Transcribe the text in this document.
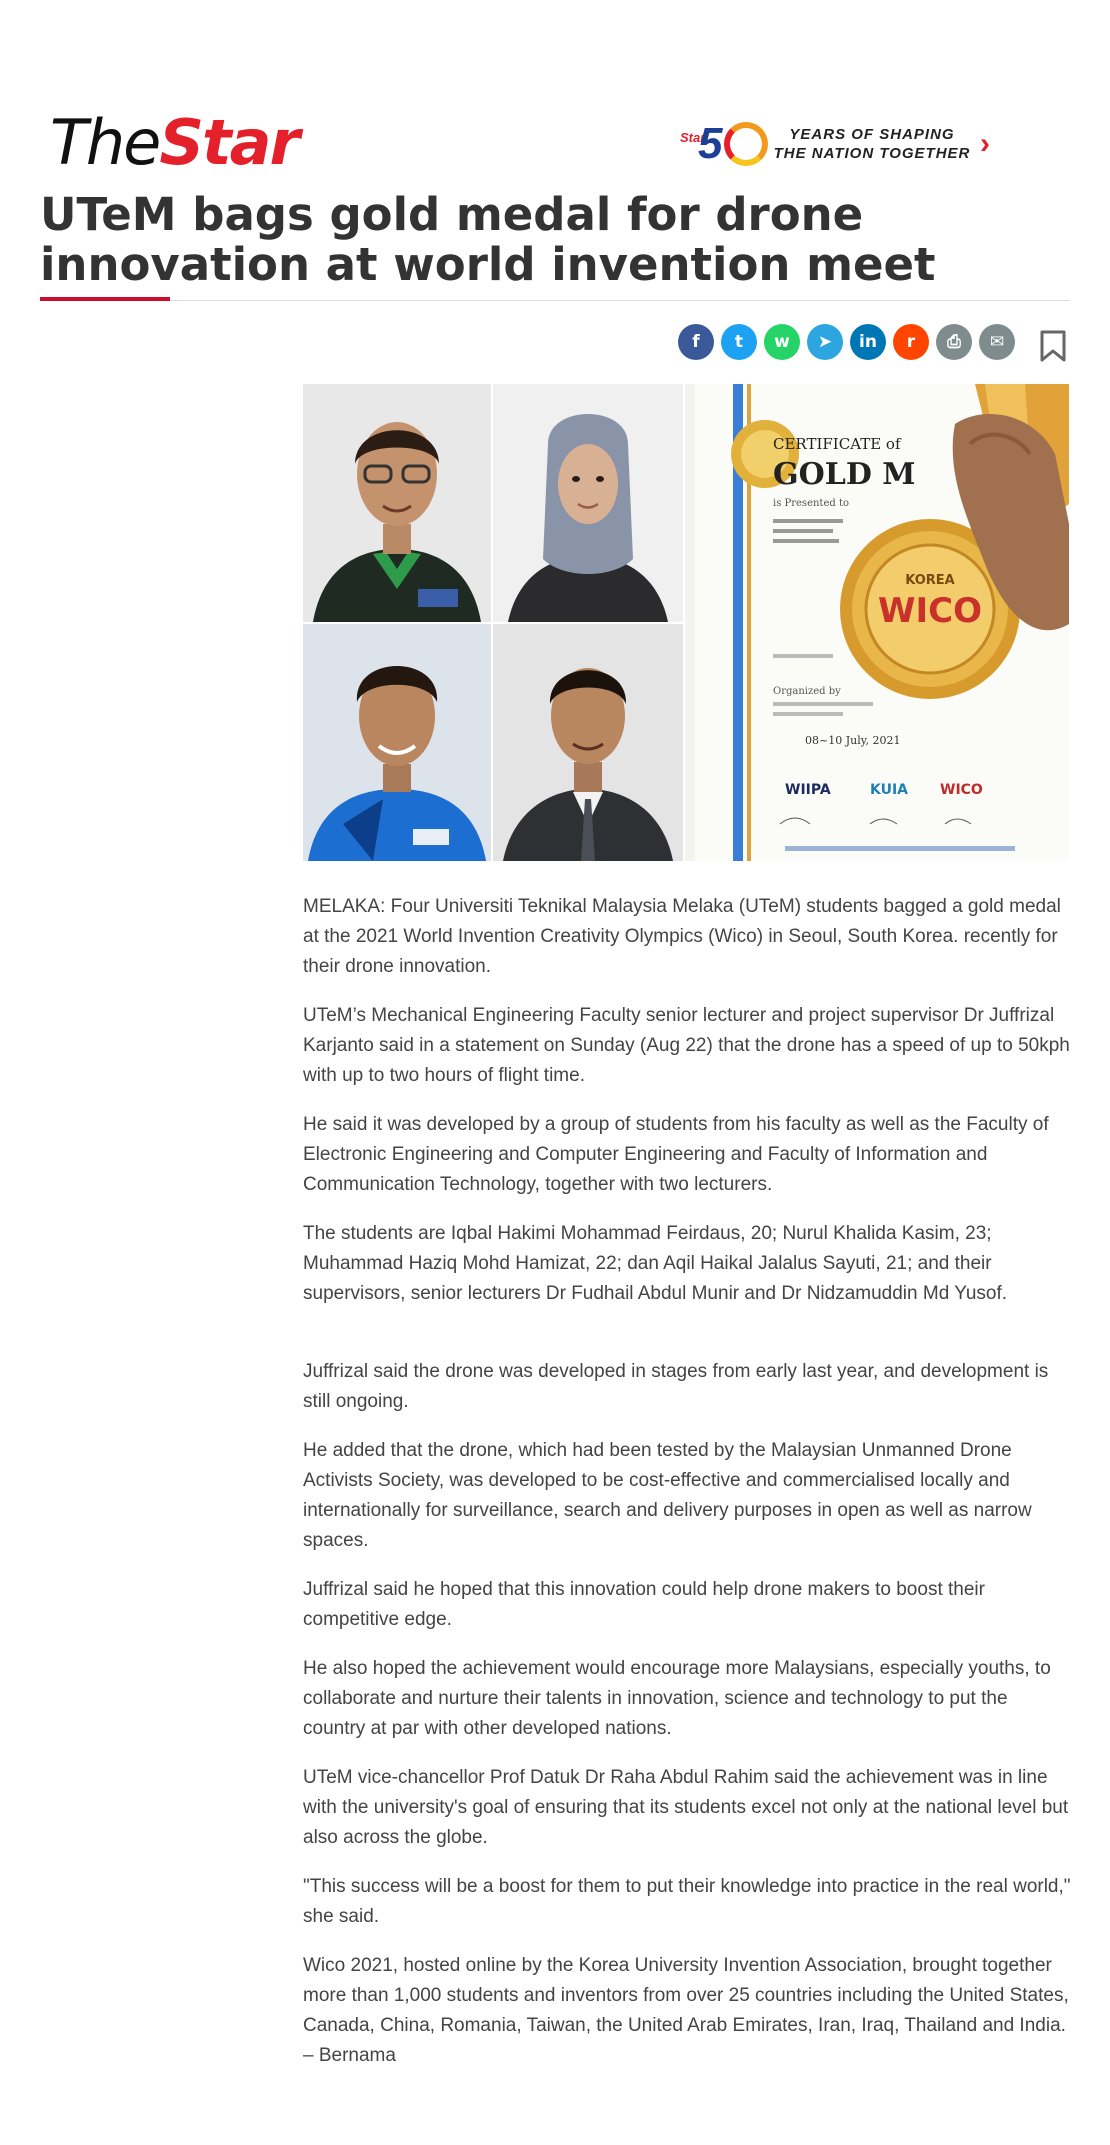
TheStar	Star
5	YEARS OF SHAPING THE NATION TOGETHER ›
UTeM bags gold medal for drone innovation at world invention meet
f	t	w	➤	in	r	⎙	✉
CERTIFICATE of
GOLD M
is Presented to
Organized by
08~10 July, 2021
WIIPA	KUIA WICO
KOREA
WICO

MELAKA: Four Universiti Teknikal Malaysia Melaka (UTeM) students bagged a gold medal at the 2021 World Invention Creativity Olympics (Wico) in Seoul, South Korea. recently for their drone innovation.

UTeM’s Mechanical Engineering Faculty senior lecturer and project supervisor Dr Juffrizal Karjanto said in a statement on Sunday (Aug 22) that the drone has a speed of up to 50kph with up to two hours of flight time.

He said it was developed by a group of students from his faculty as well as the Faculty of Electronic Engineering and Computer Engineering and Faculty of Information and Communication Technology, together with two lecturers.

The students are Iqbal Hakimi Mohammad Feirdaus, 20; Nurul Khalida Kasim, 23; Muhammad Haziq Mohd Hamizat, 22; dan Aqil Haikal Jalalus Sayuti, 21; and their supervisors, senior lecturers Dr Fudhail Abdul Munir and Dr Nidzamuddin Md Yusof.

Juffrizal said the drone was developed in stages from early last year, and development is still ongoing.

He added that the drone, which had been tested by the Malaysian Unmanned Drone Activists Society, was developed to be cost-effective and commercialised locally and internationally for surveillance, search and delivery purposes in open as well as narrow spaces.

Juffrizal said he hoped that this innovation could help drone makers to boost their competitive edge.

He also hoped the achievement would encourage more Malaysians, especially youths, to collaborate and nurture their talents in innovation, science and technology to put the country at par with other developed nations.

UTeM vice-chancellor Prof Datuk Dr Raha Abdul Rahim said the achievement was in line with the university's goal of ensuring that its students excel not only at the national level but also across the globe.

"This success will be a boost for them to put their knowledge into practice in the real world," she said.

Wico 2021, hosted online by the Korea University Invention Association, brought together more than 1,000 students and inventors from over 25 countries including the United States, Canada, China, Romania, Taiwan, the United Arab Emirates, Iran, Iraq, Thailand and India. – Bernama
